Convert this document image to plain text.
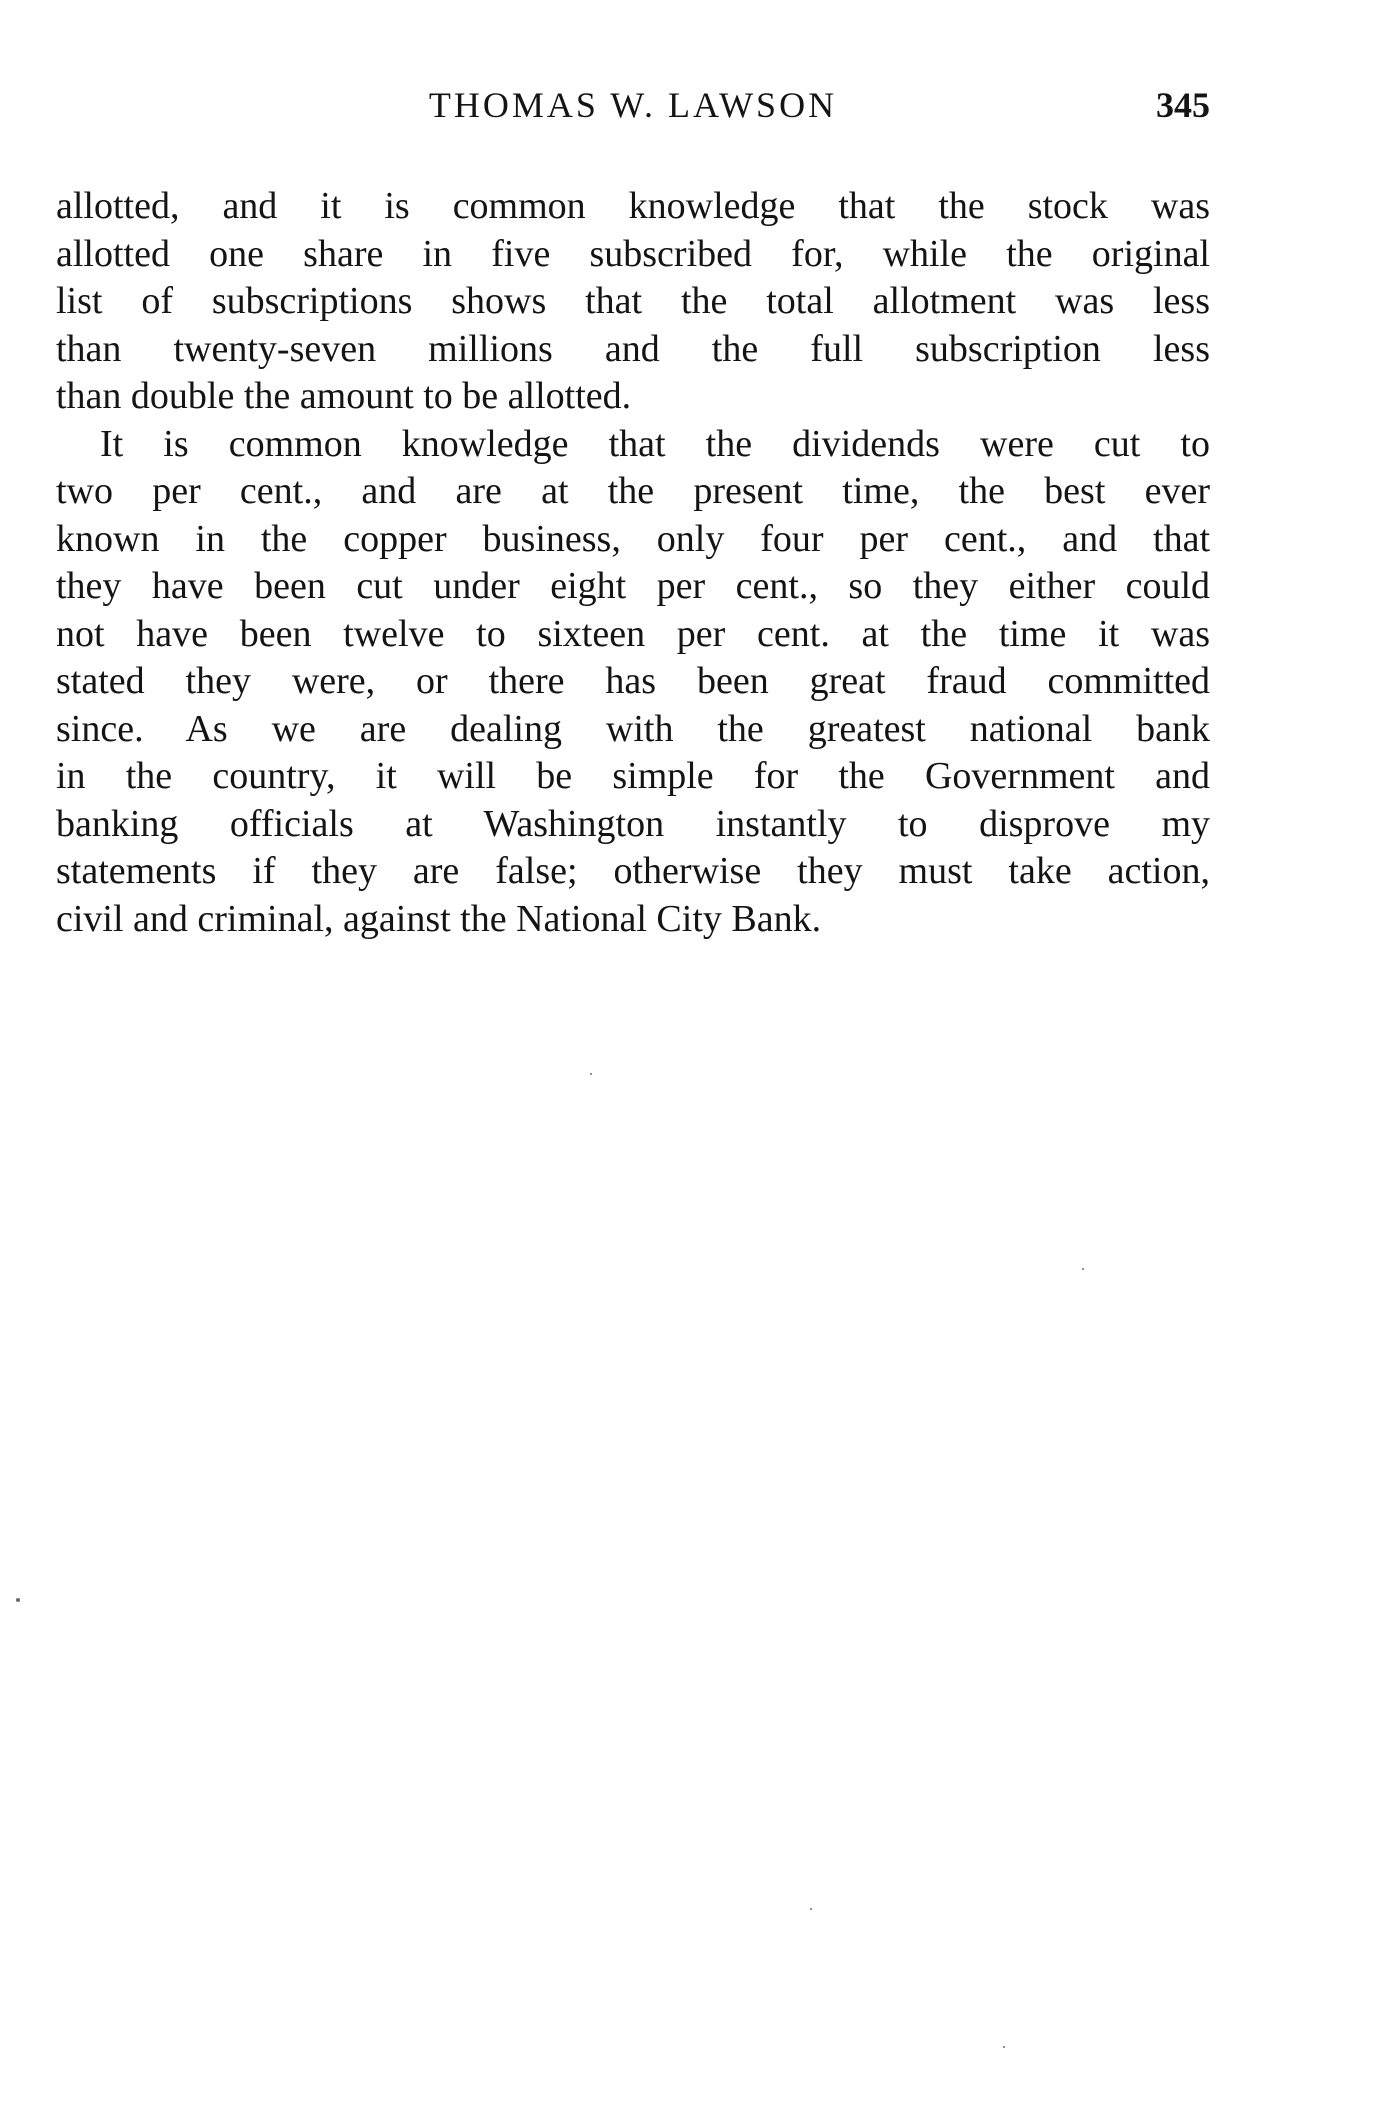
THOMAS W. LAWSON	345
allotted, and it is common knowledge that the stock was
allotted one share in five subscribed for, while the original
list of subscriptions shows that the total allotment was less
than twenty-seven millions and the full subscription less
than double the amount to be allotted.
It is common knowledge that the dividends were cut to
two per cent., and are at the present time, the best ever
known in the copper business, only four per cent., and that
they have been cut under eight per cent., so they either could
not have been twelve to sixteen per cent. at the time it was
stated they were, or there has been great fraud committed
since. As we are dealing with the greatest national bank
in the country, it will be simple for the Government and
banking officials at Washington instantly to disprove my
statements if they are false; otherwise they must take action,
civil and criminal, against the National City Bank.
